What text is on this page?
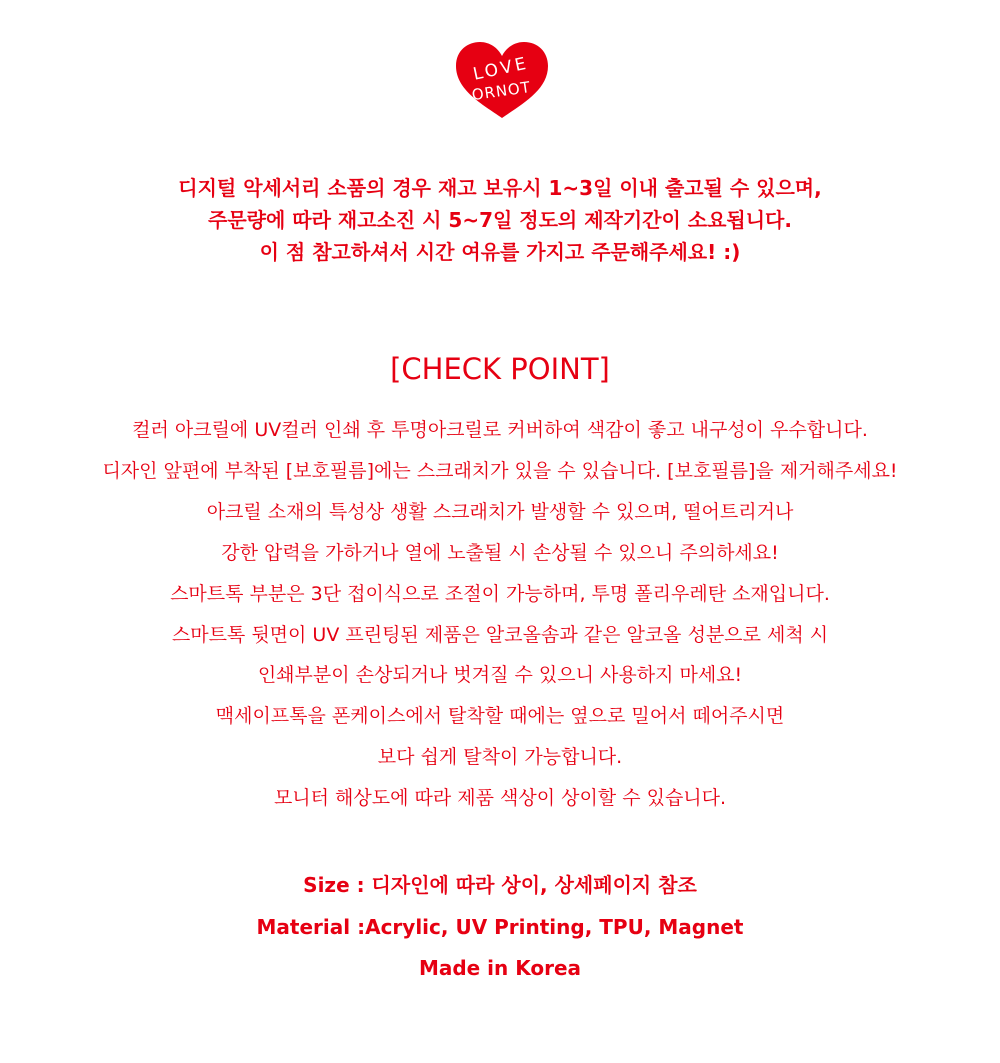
LOVE
ORNOT
디지털 악세서리 소품의 경우 재고 보유시 1~3일 이내 출고될 수 있으며,
주문량에 따라 재고소진 시 5~7일 정도의 제작기간이 소요됩니다.
이 점 참고하셔서 시간 여유를 가지고 주문해주세요! :)
[CHECK POINT]
컬러 아크릴에 UV컬러 인쇄 후 투명아크릴로 커버하여 색감이 좋고 내구성이 우수합니다.
디자인 앞편에 부착된 [보호필름]에는 스크래치가 있을 수 있습니다. [보호필름]을 제거해주세요!
아크릴 소재의 특성상 생활 스크래치가 발생할 수 있으며, 떨어트리거나
강한 압력을 가하거나 열에 노출될 시 손상될 수 있으니 주의하세요!
스마트톡 부분은 3단 접이식으로 조절이 가능하며, 투명 폴리우레탄 소재입니다.
스마트톡 뒷면이 UV 프린팅된 제품은 알코올솜과 같은 알코올 성분으로 세척 시
인쇄부분이 손상되거나 벗겨질 수 있으니 사용하지 마세요!
맥세이프톡을 폰케이스에서 탈착할 때에는 옆으로 밀어서 떼어주시면
보다 쉽게 탈착이 가능합니다.
모니터 해상도에 따라 제품 색상이 상이할 수 있습니다.
Size : 디자인에 따라 상이, 상세페이지 참조
Material :Acrylic, UV Printing, TPU, Magnet
Made in Korea
